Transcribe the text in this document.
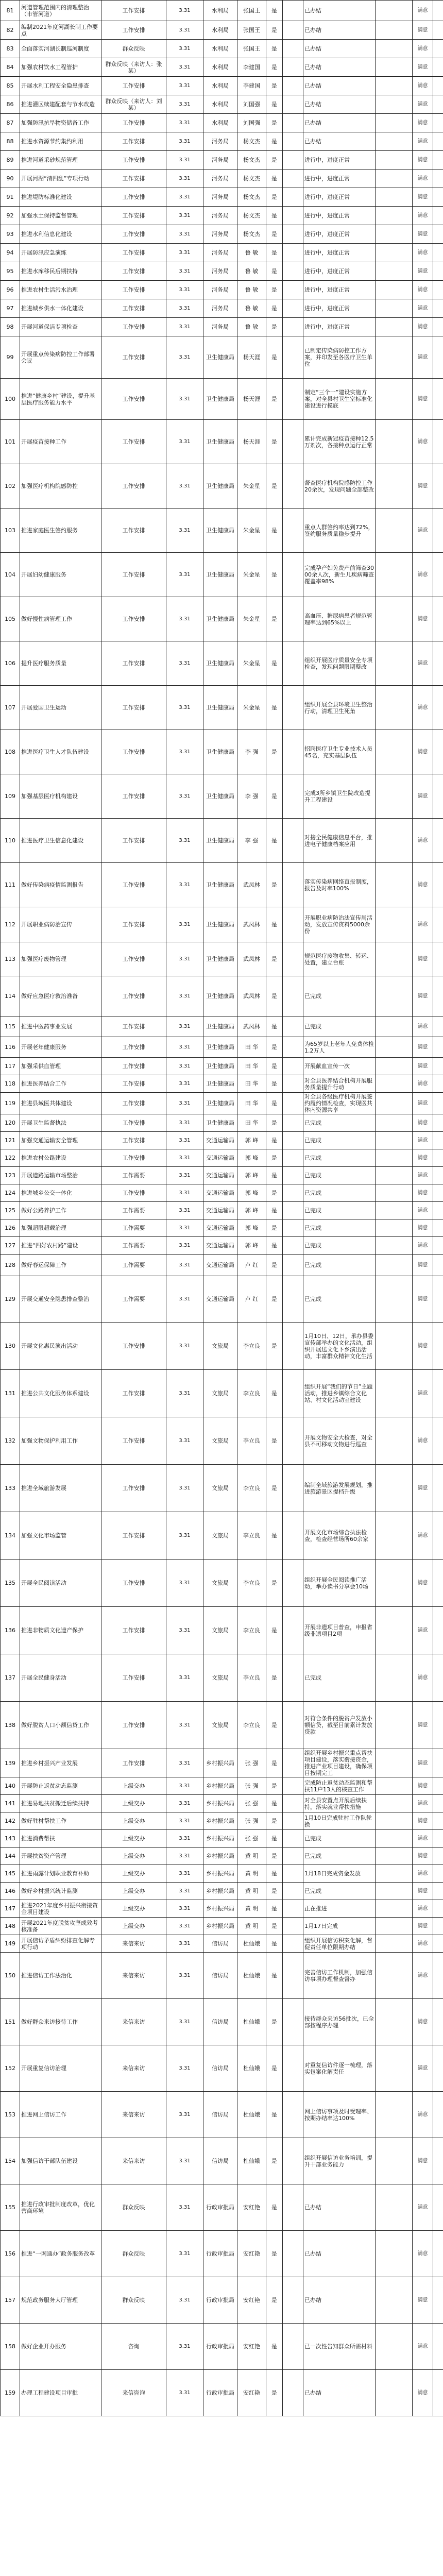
81	河道管理范围内的清理整治（市管河道）	工作安排	3.31	水利局	张国王	是		已办结		满意	
82	编制2021年度河湖长制工作要点	工作安排	3.31	水利局	张国王	是		已办结		满意	
83	全面落实河湖长制巡河制度	群众反映	3.31	水利局	张国王	是		已办结		满意	
84	加强农村饮水工程管护	群众反映（来访人：张某）	3.31	水利局	李建国	是		已办结		满意	
85	开展水利工程安全隐患排查	工作安排	3.31	水利局	李建国	是		已办结		满意	
86	推进灌区续建配套与节水改造	群众反映（来访人：刘某）	3.31	水利局	刘国强	是		已办结		满意	
87	加强防汛抗旱物资储备工作	工作安排	3.31	水利局	刘国强	是		已办结		满意	
88	推进水资源节约集约利用	工作安排	3.31	河务局	杨文杰	是		已办结		满意	
89	推进河道采砂规范管理	工作安排	3.31	河务局	杨文杰	是		进行中，进度正常		满意	
90	开展河湖“清四乱”专项行动	工作安排	3.31	河务局	杨文杰	是		进行中，进度正常		满意	
91	推进堤防标准化建设	工作安排	3.31	河务局	杨文杰	是		进行中，进度正常		满意	
92	加强水土保持监督管理	工作安排	3.31	河务局	杨文杰	是		进行中，进度正常		满意	
93	推进水利信息化建设	工作安排	3.31	河务局	杨文杰	是		进行中，进度正常		满意	
94	开展防汛应急演练	工作安排	3.31	河务局	鲁 敏	是		进行中，进度正常		满意	
95	推进水库移民后期扶持	工作安排	3.31	河务局	鲁 敏	是		进行中，进度正常		满意	
96	推进农村生活污水治理	工作安排	3.31	河务局	鲁 敏	是		进行中，进度正常		满意	
97	推进城乡供水一体化建设	工作安排	3.31	河务局	鲁 敏	是		进行中，进度正常		满意	
98	开展河道保洁专项检查	工作安排	3.31	河务局	鲁 敏	是		进行中，进度正常		满意	
99	开展重点传染病防控工作部署会议	工作安排	3.31	卫生健康局	杨天涯	是		已制定传染病防控工作方案，并印发至各医疗卫生单位		满意	
100	推进“健康乡村”建设，提升基层医疗服务能力水平	工作安排	3.31	卫生健康局	杨天涯	是		制定“三个一”建设实施方案，对全县村卫生室标准化建设进行摸底		满意	
101	开展疫苗接种工作	工作安排	3.31	卫生健康局	杨天涯	是		累计完成新冠疫苗接种12.5万剂次，各接种点运行正常		满意	
102	加强医疗机构院感防控	工作安排	3.31	卫生健康局	朱金星	是		督查医疗机构院感防控工作20余次，发现问题全部整改		满意	
103	推进家庭医生签约服务	工作安排	3.31	卫生健康局	朱金星	是		重点人群签约率达到72%，签约服务质量稳步提升		满意	
104	开展妇幼健康服务	工作安排	3.31	卫生健康局	朱金星	是		完成孕产妇免费产前筛查3000余人次，新生儿疾病筛查覆盖率98%		满意	
105	做好慢性病管理工作	工作安排	3.31	卫生健康局	朱金星	是		高血压、糖尿病患者规范管理率达到65%以上		满意	
106	提升医疗服务质量	工作安排	3.31	卫生健康局	朱金星	是		组织开展医疗质量安全专项检查，发现问题限期整改		满意	
107	开展爱国卫生运动	工作安排	3.31	卫生健康局	朱金星	是		组织开展全县环境卫生整治行动，清理卫生死角		满意	
108	推进医疗卫生人才队伍建设	工作安排	3.31	卫生健康局	李 强	是		招聘医疗卫生专业技术人员45名，充实基层队伍		满意	
109	加强基层医疗机构建设	工作安排	3.31	卫生健康局	李 强	是		完成3所乡镇卫生院改造提升工程建设		满意	
110	推进医疗卫生信息化建设	工作安排	3.31	卫生健康局	李 强	是		对接全民健康信息平台，推进电子健康档案应用		满意	
111	做好传染病疫情监测报告	工作安排	3.31	卫生健康局	武凤林	是		落实传染病网络直报制度，报告及时率100%		满意	
112	开展职业病防治宣传	工作安排	3.31	卫生健康局	武凤林	是		开展职业病防治法宣传周活动，发放宣传资料5000余份		满意	
113	加强医疗废物管理	工作安排	3.31	卫生健康局	武凤林	是		规范医疗废物收集、转运、处置，建立台账		满意	
114	做好应急医疗救治准备	工作安排	3.31	卫生健康局	武凤林	是		已完成		满意	
115	推进中医药事业发展	工作安排	3.31	卫生健康局	武凤林	是		已完成		满意	
116	开展老年健康服务	工作安排	3.31	卫生健康局	田 华	是		为65岁以上老年人免费体检1.2万人		满意	
117	加强采供血管理	工作安排	3.31	卫生健康局	田 华	是		开展献血宣传一次		满意	
118	推进医养结合工作	工作安排	3.31	卫生健康局	田 华	是		对全县医养结合机构开展服务质量提升行动		满意	
119	推进县域医共体建设	工作安排	3.31	卫生健康局	田 华	是		对全县各级医疗机构开展签约履约情况检查，实现医共体内资源共享		满意	
120	开展卫生监督执法	工作安排	3.31	卫生健康局	田 华	是		已完成		满意	
121	加强交通运输安全管理	工作安排	3.31	交通运输局	郭 峰	是		已完成		满意	
122	推进农村公路建设	工作安排	3.31	交通运输局	郭 峰	是		已完成		满意	
123	开展道路运输市场整治	工作需要	3.31	交通运输局	郭 峰	是		已完成		满意	
124	推进城乡公交一体化	工作安排	3.31	交通运输局	郭 峰	是		已完成		满意	
125	做好公路养护工作	工作需要	3.31	交通运输局	郭 峰	是		已完成		满意	
126	加强超限超载治理	工作需要	3.31	交通运输局	郭 峰	是		已完成		满意	
127	推进“四好农村路”建设	工作需要	3.31	交通运输局	郭 峰	是		已完成		满意	
128	做好春运保障工作	工作需要	3.31	交通运输局	卢 红	是		已完成		满意	
129	开展交通安全隐患排查整治	工作需要	3.31	交通运输局	卢 红	是		已完成		满意	
130	开展文化惠民演出活动	工作安排	3.31	文旅局	李立良	是		1月10日、12日，承办县委宣传部举办的文化活动，组织开展送文化下乡演出活动，丰富群众精神文化生活		满意	
131	推进公共文化服务体系建设	工作安排	3.31	文旅局	李立良	是		组织开展“我们的节日”主题活动，推进乡镇综合文化站、村文化活动室建设		满意	
132	加强文物保护利用工作	工作安排	3.31	文旅局	李立良	是		开展文物安全大检查，对全县不可移动文物进行巡查		满意	
133	推进全域旅游发展	工作安排	3.31	文旅局	李立良	是		编制全域旅游发展规划，推进旅游景区提档升级		满意	
134	加强文化市场监管	工作安排	3.31	文旅局	李立良	是		开展文化市场综合执法检查，检查经营场所60余家		满意	
135	开展全民阅读活动	工作安排	3.31	文旅局	李立良	是		组织开展全民阅读推广活动，举办读书分享会10场		满意	
136	推进非物质文化遗产保护	工作安排	3.31	文旅局	李立良	是		开展非遗项目普查，申报省级非遗项目2项		满意	
137	开展全民健身活动	工作安排	3.31	文旅局	李立良	是		已完成		满意	
138	做好脱贫人口小额信贷工作	工作安排	3.31	文旅局	李立良	是		对符合条件的脱贫户发放小额信贷，截至目前累计发放贷款		满意	
139	推进乡村振兴产业发展	工作安排	3.31	乡村振兴局	张 强	是		组织开展乡村振兴重点帮扶项目建设，落实衔接资金，推进产业项目建设，确保项目按期完工		满意	
140	开展防止返贫动态监测	上级交办	3.31	乡村振兴局	张 强	是		完成防止返贫动态监测和帮扶11户13人的核查工作		满意	
141	推进易地扶贫搬迁后续扶持	上级交办	3.31	乡村振兴局	张 强	是		对全县安置点开展后续扶持，落实就业帮扶措施		满意	
142	做好驻村帮扶工作	上级交办	3.31	乡村振兴局	张 强	是		1月10日完成驻村工作队轮换		满意	
143	推进消费帮扶	上级交办	3.31	乡村振兴局	张 强	是		已完成		满意	
144	开展扶贫资产管理	上级交办	3.31	乡村振兴局	黄 明	是		已完成		满意	
145	推进雨露计划职业教育补助	上级交办	3.31	乡村振兴局	黄 明	是		1月18日完成资金发放		满意	
146	做好乡村振兴统计监测	上级交办	3.31	乡村振兴局	黄 明	是		已完成		满意	
147	推进2021年度乡村振兴衔接资金项目建设	上级交办	3.31	乡村振兴局	黄 明	是		正在推进		满意	
148	开展2021年度脱贫攻坚成效考核准备	上级交办	3.31	乡村振兴局	黄 明	是		1月17日完成		满意	
149	开展信访矛盾纠纷排查化解专项行动	来信来访	3.31	信访局	杜仙娥	是		组织开展信访积案化解，督促责任单位限期办结		满意	
150	推进信访工作法治化	来信来访	3.31	信访局	杜仙娥	是		完善信访工作机制，加强信访事项办理督查督办		满意	
151	做好群众来访接待工作	来信来访	3.31	信访局	杜仙娥	是		接待群众来访56批次，已全部按程序办理		满意	
152	开展重复信访治理	来信来访	3.31	信访局	杜仙娥	是		对重复信访件逐一梳理，落实包案化解责任		满意	
153	推进网上信访工作	来信来访	3.31	信访局	杜仙娥	是		网上信访事项及时受理率、按期办结率达100%		满意	
154	加强信访干部队伍建设	来信来访	3.31	信访局	杜仙娥	是		组织开展信访业务培训，提升干部业务能力		满意	
155	推进行政审批制度改革，优化营商环境	群众反映	3.31	行政审批局	安红艳	是		已办结		满意	
156	推进“一网通办”政务服务改革	群众反映	3.31	行政审批局	安红艳	是		已办结		满意	
157	规范政务服务大厅管理	群众反映	3.31	行政审批局	安红艳	是		已办结		满意	
158	做好企业开办服务	咨询	3.31	行政审批局	安红艳	是		已一次性告知群众所需材料		满意	
159	办理工程建设项目审批	来信咨询	3.31	行政审批局	安红艳	是		已办结		满意	
